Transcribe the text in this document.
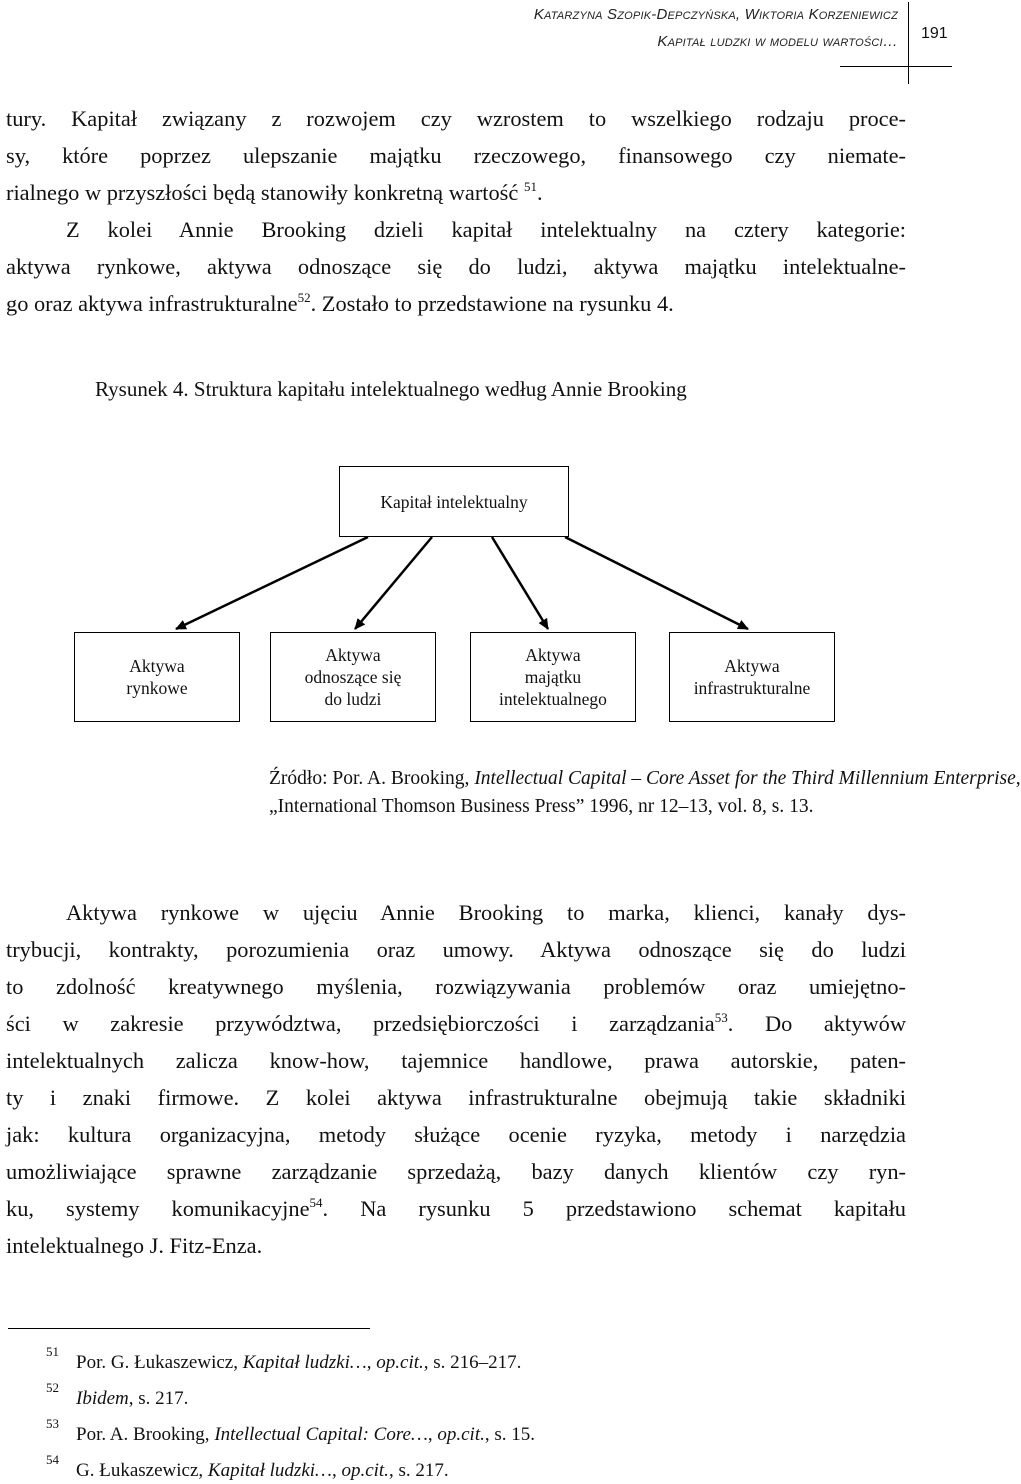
Katarzyna Szopik-Depczyńska, Wiktoria Korzeniewicz
Kapitał ludzki w modelu wartości… 191
tury. Kapitał związany z rozwojem czy wzrostem to wszelkiego rodzaju proce-
sy, które poprzez ulepszanie majątku rzeczowego, finansowego czy niemate-
rialnego w przyszłości będą stanowiły konkretną wartość $^{51}$.
Z kolei Annie Brooking dzieli kapitał intelektualny na cztery kategorie:
aktywa rynkowe, aktywa odnoszące się do ludzi, aktywa majątku intelektualne-
go oraz aktywa infrastrukturalne$^{52}$. Zostało to przedstawione na rysunku 4.
Rysunek 4. Struktura kapitału intelektualnego według Annie Brooking
Kapitał intelektualny
Aktywa
rynkowe
Aktywa
odnoszące się
do ludzi
Aktywa
majątku
intelektualnego
Aktywa
infrastrukturalne
Źródło: Por. A. Brooking, Intellectual Capital – Core Asset for the Third Millennium Enterprise,
„International Thomson Business Press” 1996, nr 12–13, vol. 8, s. 13.
Aktywa rynkowe w ujęciu Annie Brooking to marka, klienci, kanały dys-
trybucji, kontrakty, porozumienia oraz umowy. Aktywa odnoszące się do ludzi
to zdolność kreatywnego myślenia, rozwiązywania problemów oraz umiejętno-
ści w zakresie przywództwa, przedsiębiorczości i zarządzania$^{53}$. Do aktywów
intelektualnych zalicza know-how, tajemnice handlowe, prawa autorskie, paten-
ty i znaki firmowe. Z kolei aktywa infrastrukturalne obejmują takie składniki
jak: kultura organizacyjna, metody służące ocenie ryzyka, metody i narzędzia
umożliwiające sprawne zarządzanie sprzedażą, bazy danych klientów czy ryn-
ku, systemy komunikacyjne$^{54}$. Na rysunku 5 przedstawiono schemat kapitału
intelektualnego J. Fitz-Enza.
51
Por. G. Łukaszewicz, Kapitał ludzki…, op.cit., s. 216–217.
52
Ibidem, s. 217.
53
Por. A. Brooking, Intellectual Capital: Core…, op.cit., s. 15.
54
G. Łukaszewicz, Kapitał ludzki…, op.cit., s. 217.
